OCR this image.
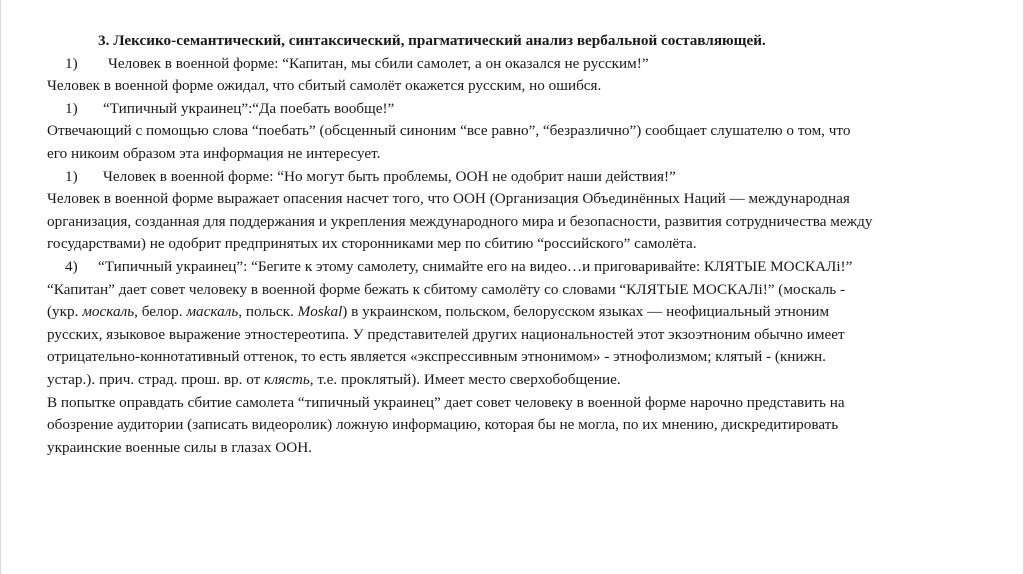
3. Лексико-семантический, синтаксический, прагматический анализ вербальной составляющей.
1) Человек в военной форме: “Капитан, мы сбили самолет, а он оказался не русским!”
Человек в военной форме ожидал, что сбитый самолёт окажется русским, но ошибся.
1) “Типичный украинец”:“Да поебать вообще!”
Отвечающий с помощью слова “поебать” (обсценный синоним “все равно”, “безразлично”) сообщает слушателю о том, что
его никоим образом эта информация не интересует.
1) Человек в военной форме: “Но могут быть проблемы, ООН не одобрит наши действия!”
Человек в военной форме выражает опасения насчет того, что ООН (Организация Объединённых Наций — международная
организация, созданная для поддержания и укрепления международного мира и безопасности, развития сотрудничества между
государствами) не одобрит предпринятых их сторонниками мер по сбитию “российского” самолёта.
4) “Типичный украинец”: “Бегите к этому самолету, снимайте его на видео…и приговаривайте: КЛЯТЫЕ МОСКАЛі!”
“Капитан” дает совет человеку в военной форме бежать к сбитому самолёту со словами “КЛЯТЫЕ МОСКАЛі!” (москаль -
(укр. москаль, белор. маскаль, польск. Moskal) в украинском, польском, белорусском языках — неофициальный этноним
русских, языковое выражение этностереотипа. У представителей других национальностей этот экзоэтноним обычно имеет
отрицательно-коннотативный оттенок, то есть является «экспрессивным этнонимом» - этнофолизмом; клятый - (книжн.
устар.). прич. страд. прош. вр. от клясть, т.е. проклятый). Имеет место сверхобобщение.
В попытке оправдать сбитие самолета “типичный украинец” дает совет человеку в военной форме нарочно представить на
обозрение аудитории (записать видеоролик) ложную информацию, которая бы не могла, по их мнению, дискредитировать
украинские военные силы в глазах ООН.
